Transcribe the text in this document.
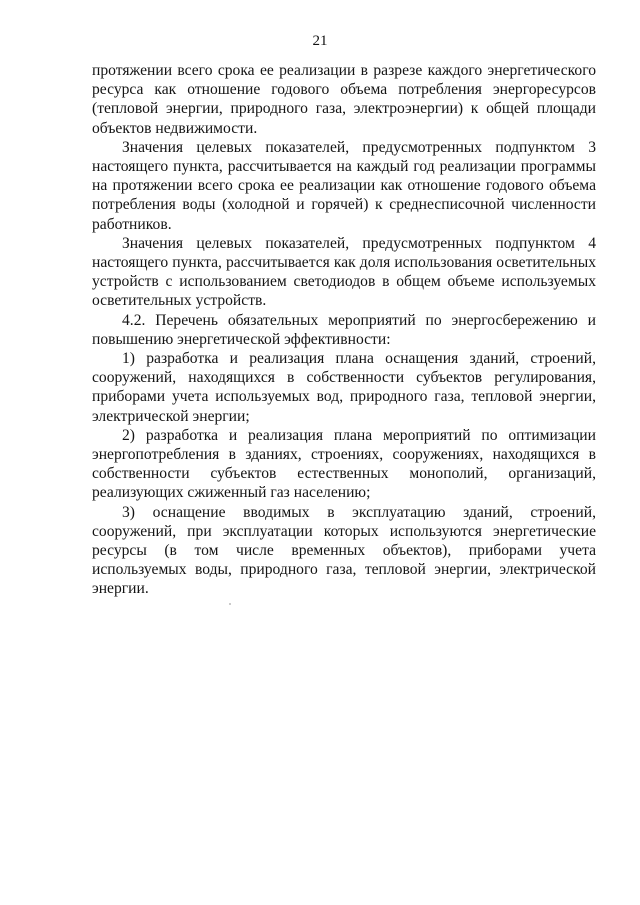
21

протяжении всего срока ее реализации в разрезе каждого энергетического ресурса как отношение годового объема потребления энергоресурсов (тепловой энергии, природного газа, электроэнергии) к общей площади объектов недвижимости.

Значения целевых показателей, предусмотренных подпунктом 3 настоящего пункта, рассчитывается на каждый год реализации программы на протяжении всего срока ее реализации как отношение годового объема потребления воды (холодной и горячей) к среднесписочной численности работников.

Значения целевых показателей, предусмотренных подпунктом 4 настоящего пункта, рассчитывается как доля использования осветительных устройств с использованием светодиодов в общем объеме используемых осветительных устройств.

4.2. Перечень обязательных мероприятий по энергосбережению и повышению энергетической эффективности:

1) разработка и реализация плана оснащения зданий, строений, сооружений, находящихся в собственности субъектов регулирования, приборами учета используемых вод, природного газа, тепловой энергии, электрической энергии;

2) разработка и реализация плана мероприятий по оптимизации энергопотребления в зданиях, строениях, сооружениях, находящихся в собственности субъектов естественных монополий, организаций, реализующих сжиженный газ населению;

3) оснащение вводимых в эксплуатацию зданий, строений, сооружений, при эксплуатации которых используются энергетические ресурсы (в том числе временных объектов), приборами учета используемых воды, природного газа, тепловой энергии, электрической энергии.
